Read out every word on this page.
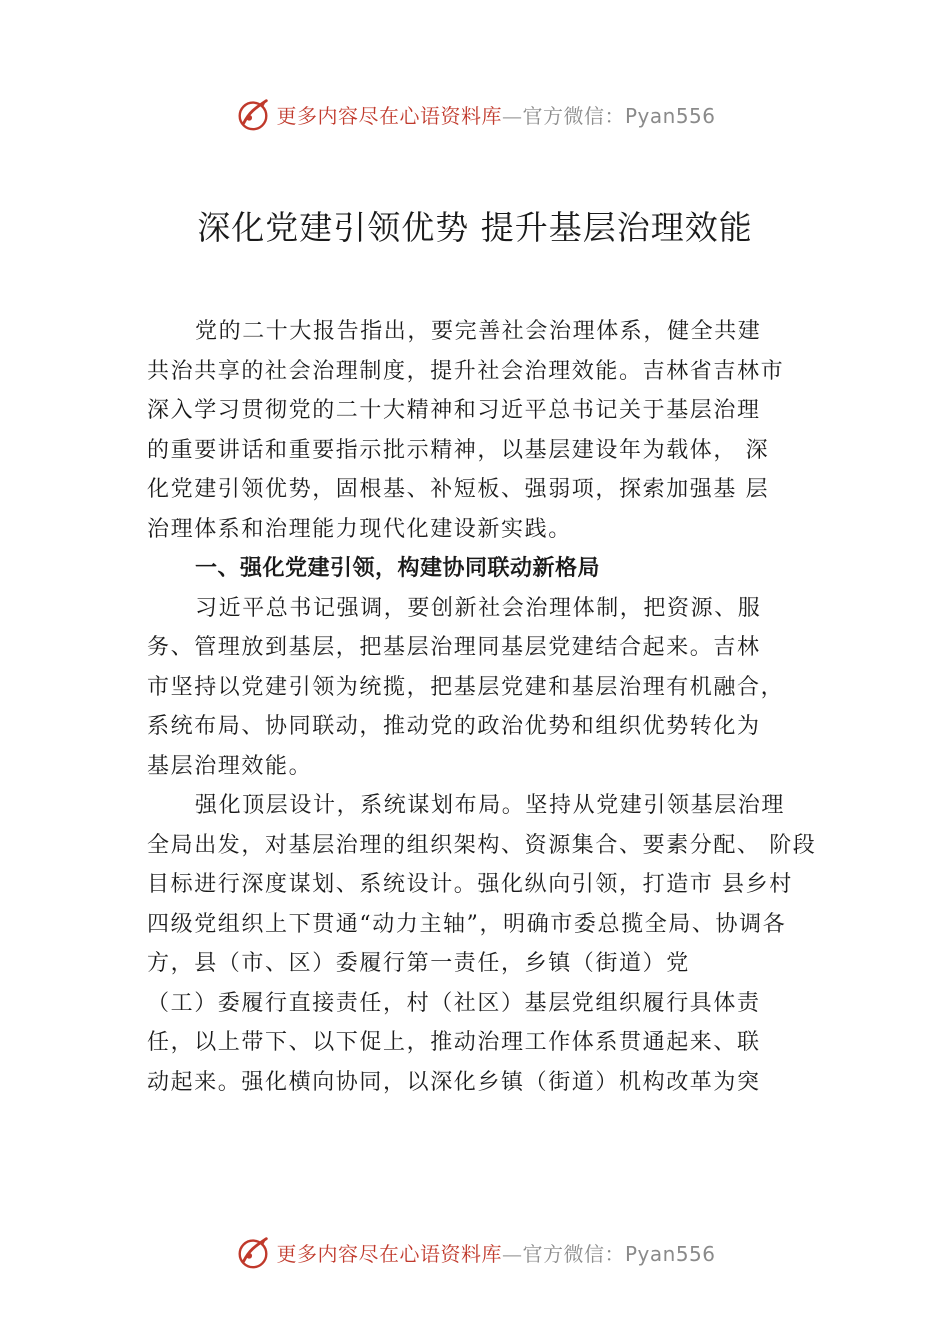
更多内容尽在心语资料库—官方微信：Pyan556
深化党建引领优势 提升基层治理效能

党的二十大报告指出，要完善社会治理体系，健全共建
共治共享的社会治理制度，提升社会治理效能。吉林省吉林市
深入学习贯彻党的二十大精神和习近平总书记关于基层治理
的重要讲话和重要指示批示精神，以基层建设年为载体， 深
化党建引领优势，固根基、补短板、强弱项，探索加强基 层
治理体系和治理能力现代化建设新实践。

一、强化党建引领，构建协同联动新格局

习近平总书记强调，要创新社会治理体制，把资源、服
务、管理放到基层，把基层治理同基层党建结合起来。吉林
市坚持以党建引领为统揽，把基层党建和基层治理有机融合，
系统布局、协同联动，推动党的政治优势和组织优势转化为
基层治理效能。

强化顶层设计，系统谋划布局。坚持从党建引领基层治理
全局出发，对基层治理的组织架构、资源集合、要素分配、 阶段
目标进行深度谋划、系统设计。强化纵向引领，打造市 县乡村
四级党组织上下贯通“动力主轴”，明确市委总揽全局、协调各
方，县（市、区）委履行第一责任，乡镇（街道）党
（工）委履行直接责任，村（社区）基层党组织履行具体责
任，以上带下、以下促上，推动治理工作体系贯通起来、联
动起来。强化横向协同，以深化乡镇（街道）机构改革为突

更多内容尽在心语资料库—官方微信：Pyan556
